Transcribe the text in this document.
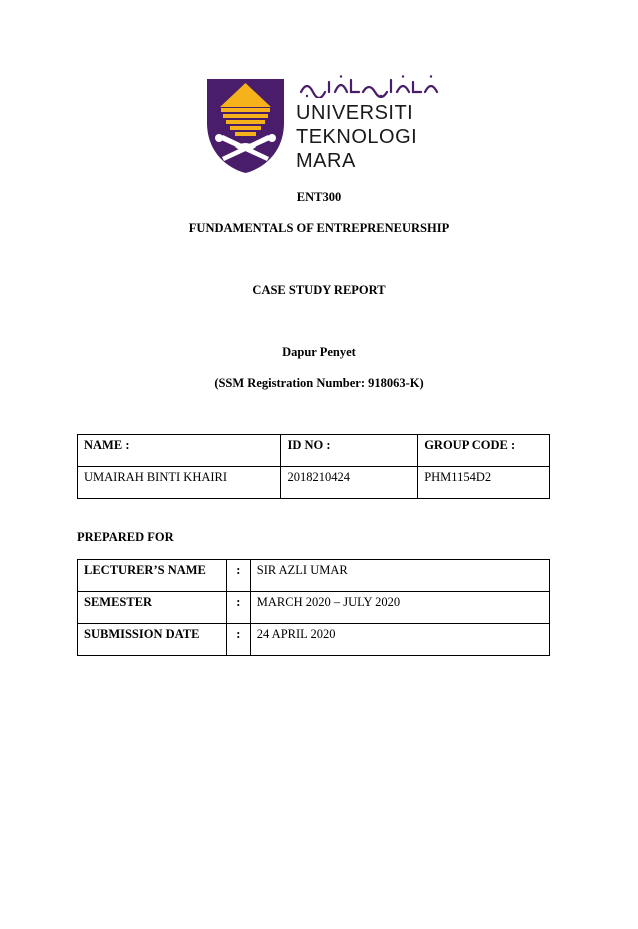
UNIVERSITI
TEKNOLOGI
MARA
ENT300
FUNDAMENTALS OF ENTREPRENEURSHIP
CASE STUDY REPORT
Dapur Penyet
(SSM Registration Number: 918063-K)
NAME :	ID NO :	GROUP CODE :
UMAIRAH BINTI KHAIRI	2018210424	PHM1154D2
PREPARED FOR
LECTURER’S NAME	:	SIR AZLI UMAR
SEMESTER	:	MARCH 2020 – JULY 2020
SUBMISSION DATE	:	24 APRIL 2020
